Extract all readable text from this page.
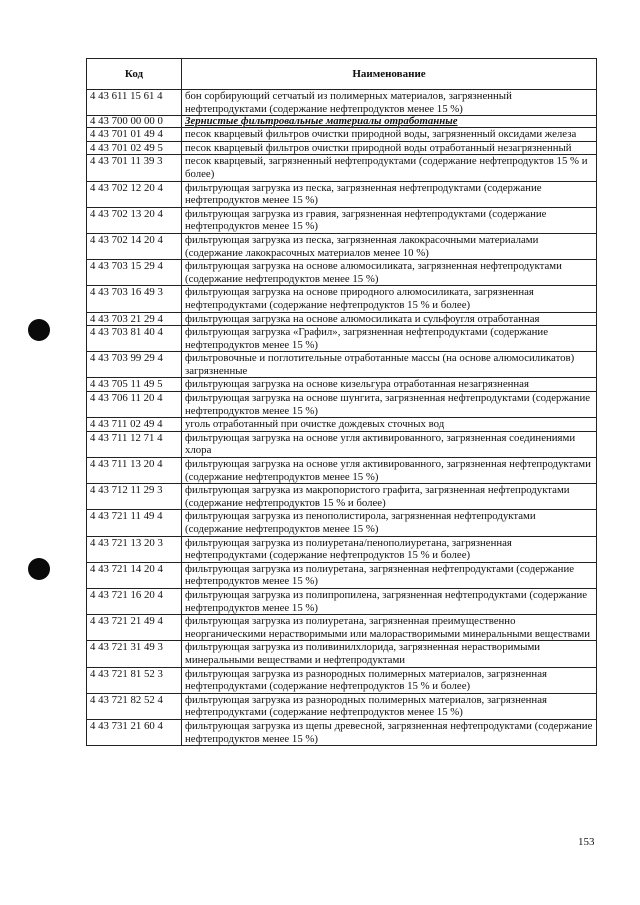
Код	Наименование
4 43 611 15 61 4	бон сорбирующий сетчатый из полимерных материалов, загрязненный нефтепродуктами (содержание нефтепродуктов менее 15 %)
4 43 700 00 00 0	Зернистые фильтровальные материалы отработанные
4 43 701 01 49 4	песок кварцевый фильтров очистки природной воды, загрязненный оксидами железа
4 43 701 02 49 5	песок кварцевый фильтров очистки природной воды отработанный незагрязненный
4 43 701 11 39 3	песок кварцевый, загрязненный нефтепродуктами (содержание нефтепродуктов 15 % и более)
4 43 702 12 20 4	фильтрующая загрузка из песка, загрязненная нефтепродуктами (содержание нефтепродуктов менее 15 %)
4 43 702 13 20 4	фильтрующая загрузка из гравия, загрязненная нефтепродуктами (содержание нефтепродуктов менее 15 %)
4 43 702 14 20 4	фильтрующая загрузка из песка, загрязненная лакокрасочными материалами (содержание лакокрасочных материалов менее 10 %)
4 43 703 15 29 4	фильтрующая загрузка на основе алюмосиликата, загрязненная нефтепродуктами (содержание нефтепродуктов менее 15 %)
4 43 703 16 49 3	фильтрующая загрузка на основе природного алюмосиликата, загрязненная нефтепродуктами (содержание нефтепродуктов 15 % и более)
4 43 703 21 29 4	фильтрующая загрузка на основе алюмосиликата и сульфоугля отработанная
4 43 703 81 40 4	фильтрующая загрузка «Графил», загрязненная нефтепродуктами (содержание нефтепродуктов менее 15 %)
4 43 703 99 29 4	фильтровочные и поглотительные отработанные массы (на основе алюмосиликатов) загрязненные
4 43 705 11 49 5	фильтрующая загрузка на основе кизельгура отработанная незагрязненная
4 43 706 11 20 4	фильтрующая загрузка на основе шунгита, загрязненная нефтепродуктами (содержание нефтепродуктов менее 15 %)
4 43 711 02 49 4	уголь отработанный при очистке дождевых сточных вод
4 43 711 12 71 4	фильтрующая загрузка на основе угля активированного, загрязненная соединениями хлора
4 43 711 13 20 4	фильтрующая загрузка на основе угля активированного, загрязненная нефтепродуктами (содержание нефтепродуктов менее 15 %)
4 43 712 11 29 3	фильтрующая загрузка из макропористого графита, загрязненная нефтепродуктами (содержание нефтепродуктов 15 % и более)
4 43 721 11 49 4	фильтрующая загрузка из пенополистирола, загрязненная нефтепродуктами (содержание нефтепродуктов менее 15 %)
4 43 721 13 20 3	фильтрующая загрузка из полиуретана/пенополиуретана, загрязненная нефтепродуктами (содержание нефтепродуктов 15 % и более)
4 43 721 14 20 4	фильтрующая загрузка из полиуретана, загрязненная нефтепродуктами (содержание нефтепродуктов менее 15 %)
4 43 721 16 20 4	фильтрующая загрузка из полипропилена, загрязненная нефтепродуктами (содержание нефтепродуктов менее 15 %)
4 43 721 21 49 4	фильтрующая загрузка из полиуретана, загрязненная преимущественно неорганическими нерастворимыми или малорастворимыми минеральными веществами
4 43 721 31 49 3	фильтрующая загрузка из поливинилхлорида, загрязненная нерастворимыми минеральными веществами и нефтепродуктами
4 43 721 81 52 3	фильтрующая загрузка из разнородных полимерных материалов, загрязненная нефтепродуктами (содержание нефтепродуктов 15 % и более)
4 43 721 82 52 4	фильтрующая загрузка из разнородных полимерных материалов, загрязненная нефтепродуктами (содержание нефтепродуктов менее 15 %)
4 43 731 21 60 4	фильтрующая загрузка из щепы древесной, загрязненная нефтепродуктами (содержание нефтепродуктов менее 15 %)
153
